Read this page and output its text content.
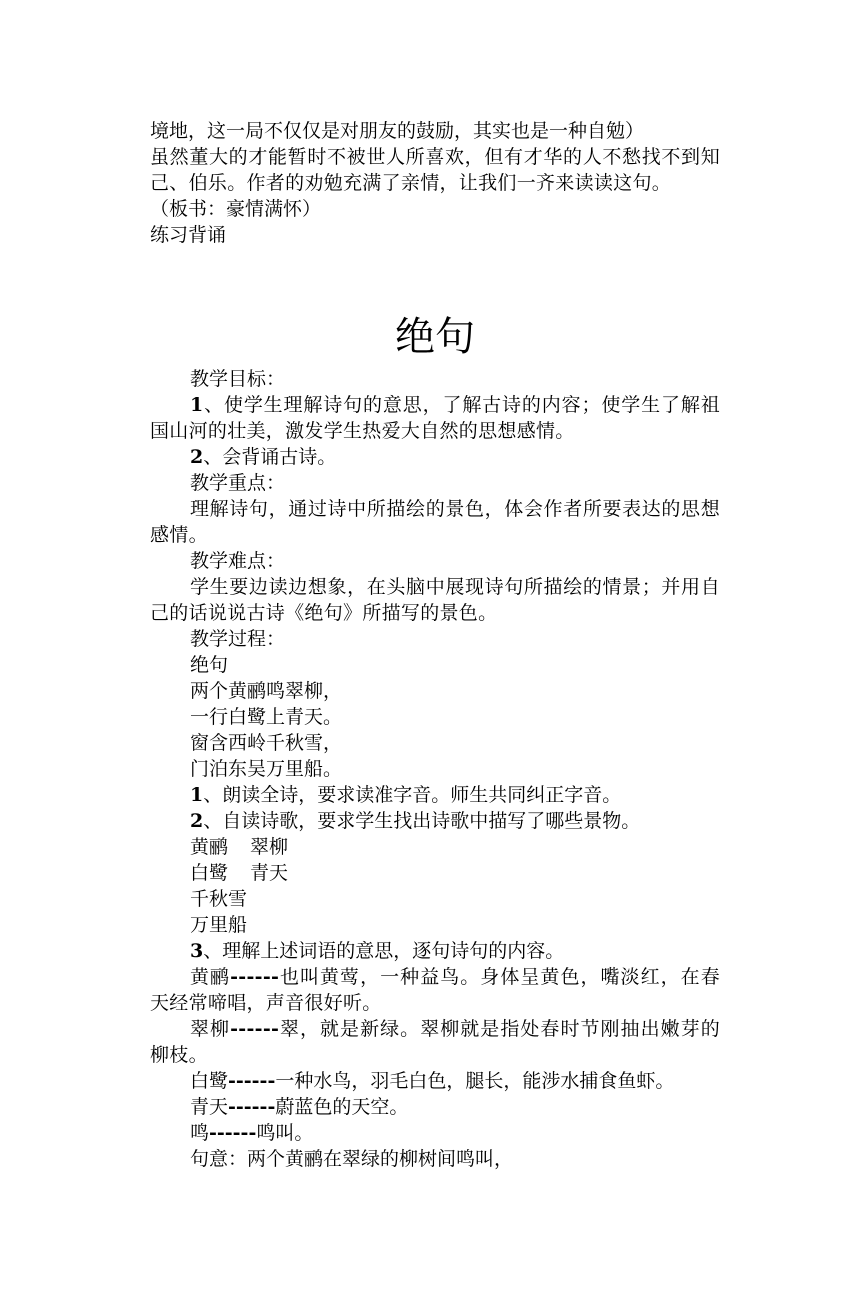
境地，这一局不仅仅是对朋友的鼓励，其实也是一种自勉）
虽然董大的才能暂时不被世人所喜欢，但有才华的人不愁找不到知己、伯乐。作者的劝勉充满了亲情，让我们一齐来读读这句。
（板书：豪情满怀）
练习背诵
绝句
教学目标：
1、使学生理解诗句的意思，了解古诗的内容；使学生了解祖国山河的壮美，激发学生热爱大自然的思想感情。
2、会背诵古诗。
教学重点：
理解诗句，通过诗中所描绘的景色，体会作者所要表达的思想感情。
教学难点：
学生要边读边想象，在头脑中展现诗句所描绘的情景；并用自己的话说说古诗《绝句》所描写的景色。
教学过程：
绝句
两个黄鹂鸣翠柳，
一行白鹭上青天。
窗含西岭千秋雪，
门泊东吴万里船。
1、朗读全诗，要求读准字音。师生共同纠正字音。
2、自读诗歌，要求学生找出诗歌中描写了哪些景物。
黄鹂 翠柳
白鹭 青天
千秋雪
万里船
3、理解上述词语的意思，逐句诗句的内容。
黄鹂------也叫黄莺，一种益鸟。身体呈黄色，嘴淡红，在春天经常啼唱，声音很好听。
翠柳------翠，就是新绿。翠柳就是指处春时节刚抽出嫩芽的柳枝。
白鹭------一种水鸟，羽毛白色，腿长，能涉水捕食鱼虾。
青天------蔚蓝色的天空。
鸣------鸣叫。
句意：两个黄鹂在翠绿的柳树间鸣叫，
